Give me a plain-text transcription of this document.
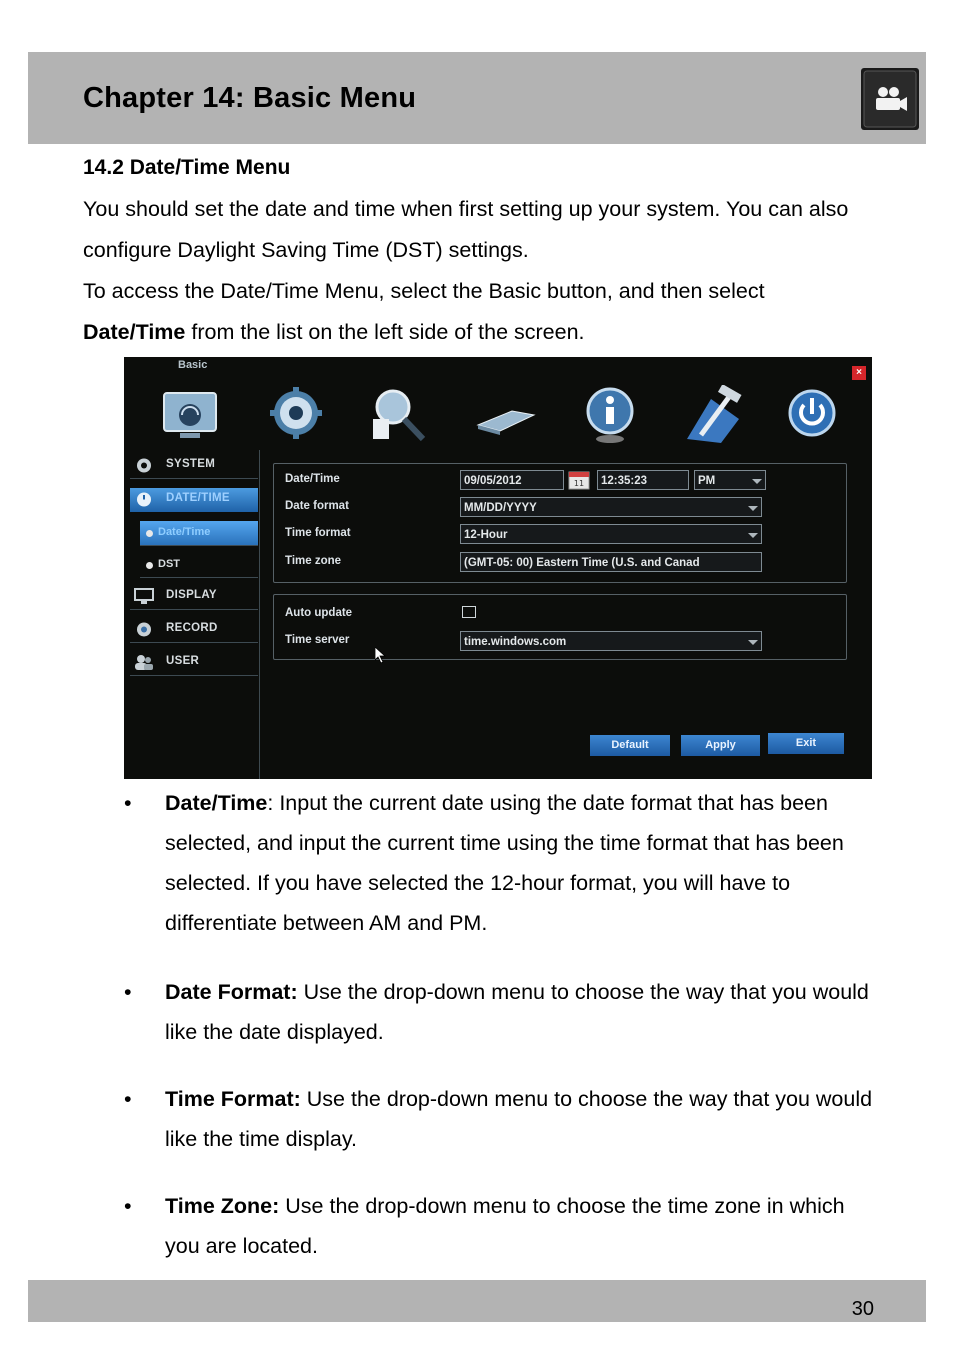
Chapter 14: Basic Menu
14.2 Date/Time Menu
You should set the date and time when first setting up your system. You can also configure Daylight Saving Time (DST) settings.
To access the Date/Time Menu, select the Basic button, and then select
Date/Time from the list on the left side of the screen.
Basic
×
SYSTEM
DATE/TIME
Date/Time
DST
DISPLAY
RECORD
USER
Date/Time	09/05/2012	11	12:35:23	PM
Date format	MM/DD/YYYY
Time format	12-Hour
Time zone	(GMT-05: 00) Eastern Time (U.S. and Canad
Auto update
Time server	time.windows.com
Default	Apply	Exit
•	Date/Time: Input the current date using the date format that has been selected, and input the current time using the time format that has been selected. If you have selected the 12-hour format, you will have to differentiate between AM and PM.
•	Date Format: Use the drop-down menu to choose the way that you would like the date displayed.
•	Time Format: Use the drop-down menu to choose the way that you would like the time display.
•	Time Zone: Use the drop-down menu to choose the time zone in which you are located.
30
